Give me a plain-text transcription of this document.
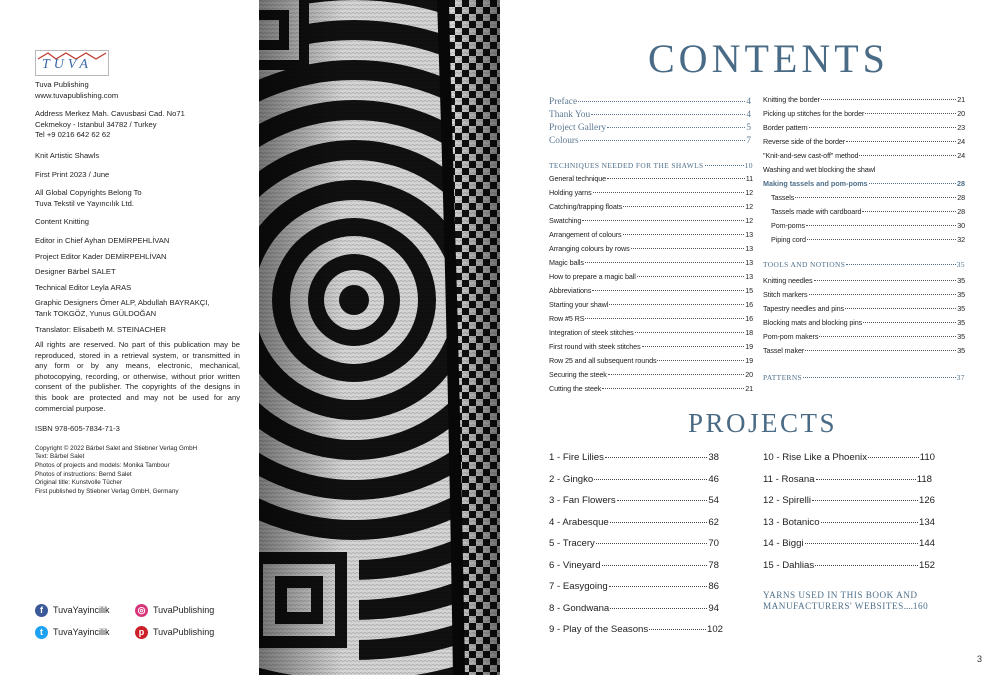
TUVA

Tuva Publishing

www.tuvapublishing.com

Address Merkez Mah. Cavusbasi Cad. No71

Cekmekoy - Istanbul 34782 / Turkey

Tel +9 0216 642 62 62

Knit Artistic Shawls

First Print 2023 / June

All Global Copyrights Belong To

Tuva Tekstil ve Yayıncılık Ltd.

Content Knitting

Editor in Chief Ayhan DEMİRPEHLİVAN

Project Editor Kader DEMİRPEHLİVAN

Designer Bärbel SALET

Technical Editor Leyla ARAS

Graphic Designers Ömer ALP, Abdullah BAYRAKÇI,

Tarık TOKGÖZ, Yunus GÜLDOĞAN

Translator: Elisabeth M. STEINACHER

All rights are reserved. No part of this publication may be reproduced, stored in a retrieval system, or transmitted in any form or by any means, electronic, mechanical, photocopying, recording, or otherwise, without prior written consent of the publisher. The copyrights of the designs in this book are protected and may not be used for any commercial purpose.

ISBN 978-605-7834-71-3

Copyright © 2022 Bärbel Salet and Stiebner Verlag GmbH

Text: Bärbel Salet

Photos of projects and models: Monika Tambour

Photos of instructions: Bernd Salet

Original title: Kunstvolle Tücher

First published by Stiebner Verlag GmbH, Germany

f	TuvaYayincilik	◎ TuvaPublishing
t	TuvaYayincilik	p TuvaPublishing
CONTENTS
Preface	4
Thank You	4
Project Gallery	5
Colours	7
TECHNIQUES NEEDED FOR THE SHAWLS	10
General technique	11
Holding yarns	12
Catching/trapping floats	12
Swatching	12
Arrangement of colours	13
Arranging colours by rows	13
Magic balls	13
How to prepare a magic ball	13
Abbreviations	15
Starting your shawl	16
Row #5 RS	16
Integration of steek stitches	18
First round with steek stitches	19
Row 25 and all subsequent rounds	19
Securing the steek	20
Cutting the steek	21
Knitting the border	21
Picking up stitches for the border	20
Border pattern	23
Reverse side of the border	24
"Knit-and-sew cast-off" method	24
Washing and wet blocking the shawl
Making tassels and pom-poms	28
Tassels	28
Tassels made with cardboard	28
Pom-poms	30
Piping cord	32
TOOLS AND NOTIONS	35
Knitting needles	35
Stitch markers	35
Tapestry needles and pins	35
Blocking mats and blocking pins	35
Pom-pom makers	35
Tassel maker	35
PATTERNS	37
PROJECTS
1 - Fire Lilies	38
2 - Gingko	46
3 - Fan Flowers	54
4 - Arabesque	62
5 - Tracery	70
6 - Vineyard	78
7 - Easygoing	86
8 - Gondwana	94
9 - Play of the Seasons	102
10 - Rise Like a Phoenix	110
11 - Rosana	118
12 - Spirelli	126
13 - Botanico	134
14 - Biggi	144
15 - Dahlias	152
YARNS USED IN THIS BOOK AND
MANUFACTURERS' WEBSITES....160
3
